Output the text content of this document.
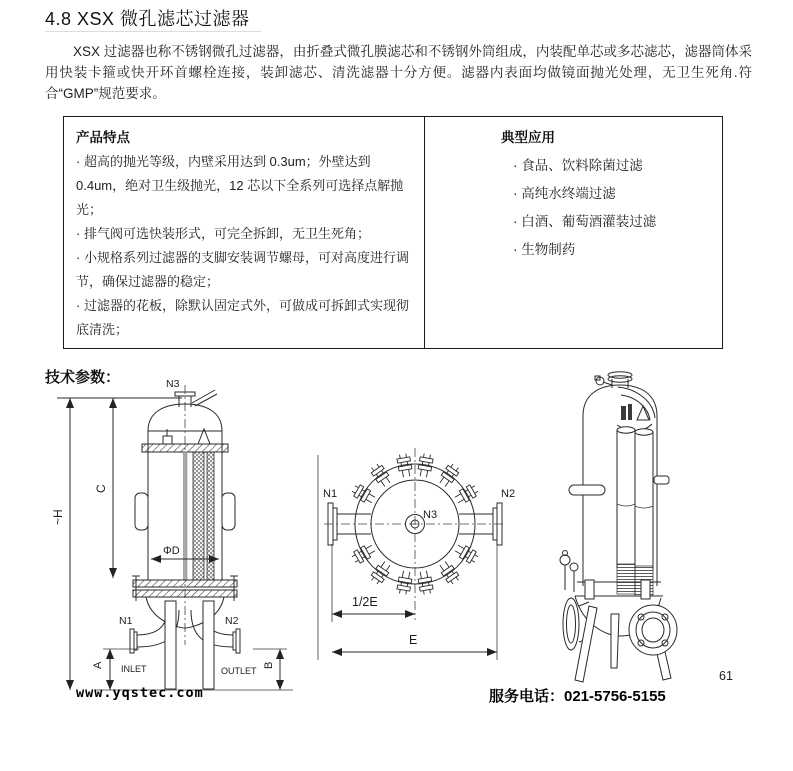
4.8 XSX 微孔滤芯过滤器

XSX 过滤器也称不锈钢微孔过滤器，由折叠式微孔膜滤芯和不锈钢外筒组成，内装配单芯或多芯滤芯，滤器筒体采用快装卡箍或快开环首螺栓连接，装卸滤芯、清洗滤器十分方便。滤器内表面均做镜面抛光处理，无卫生死角.符合“GMP”规范要求。

产品特点

· 超高的抛光等级，内壁采用达到 0.3um；外壁达到 0.4um，绝对卫生级抛光，12 芯以下全系列可选择点解抛光；

· 排气阀可选快装形式，可完全拆卸，无卫生死角；

· 小规格系列过滤器的支脚安装调节螺母，可对高度进行调节，确保过滤器的稳定；

· 过滤器的花板，除默认固定式外，可做成可拆卸式实现彻底清洗；

典型应用

· 食品、饮料除菌过滤

· 高纯水终端过滤

· 白酒、葡萄酒灌装过滤

· 生物制药

技术参数：
~H
C
ΦD
A	B
N3
N1	N2
INLET	OUTLET
1/2E
E
N1	N2
N3
61
www.yqstec.com	服务电话：021-5756-5155
